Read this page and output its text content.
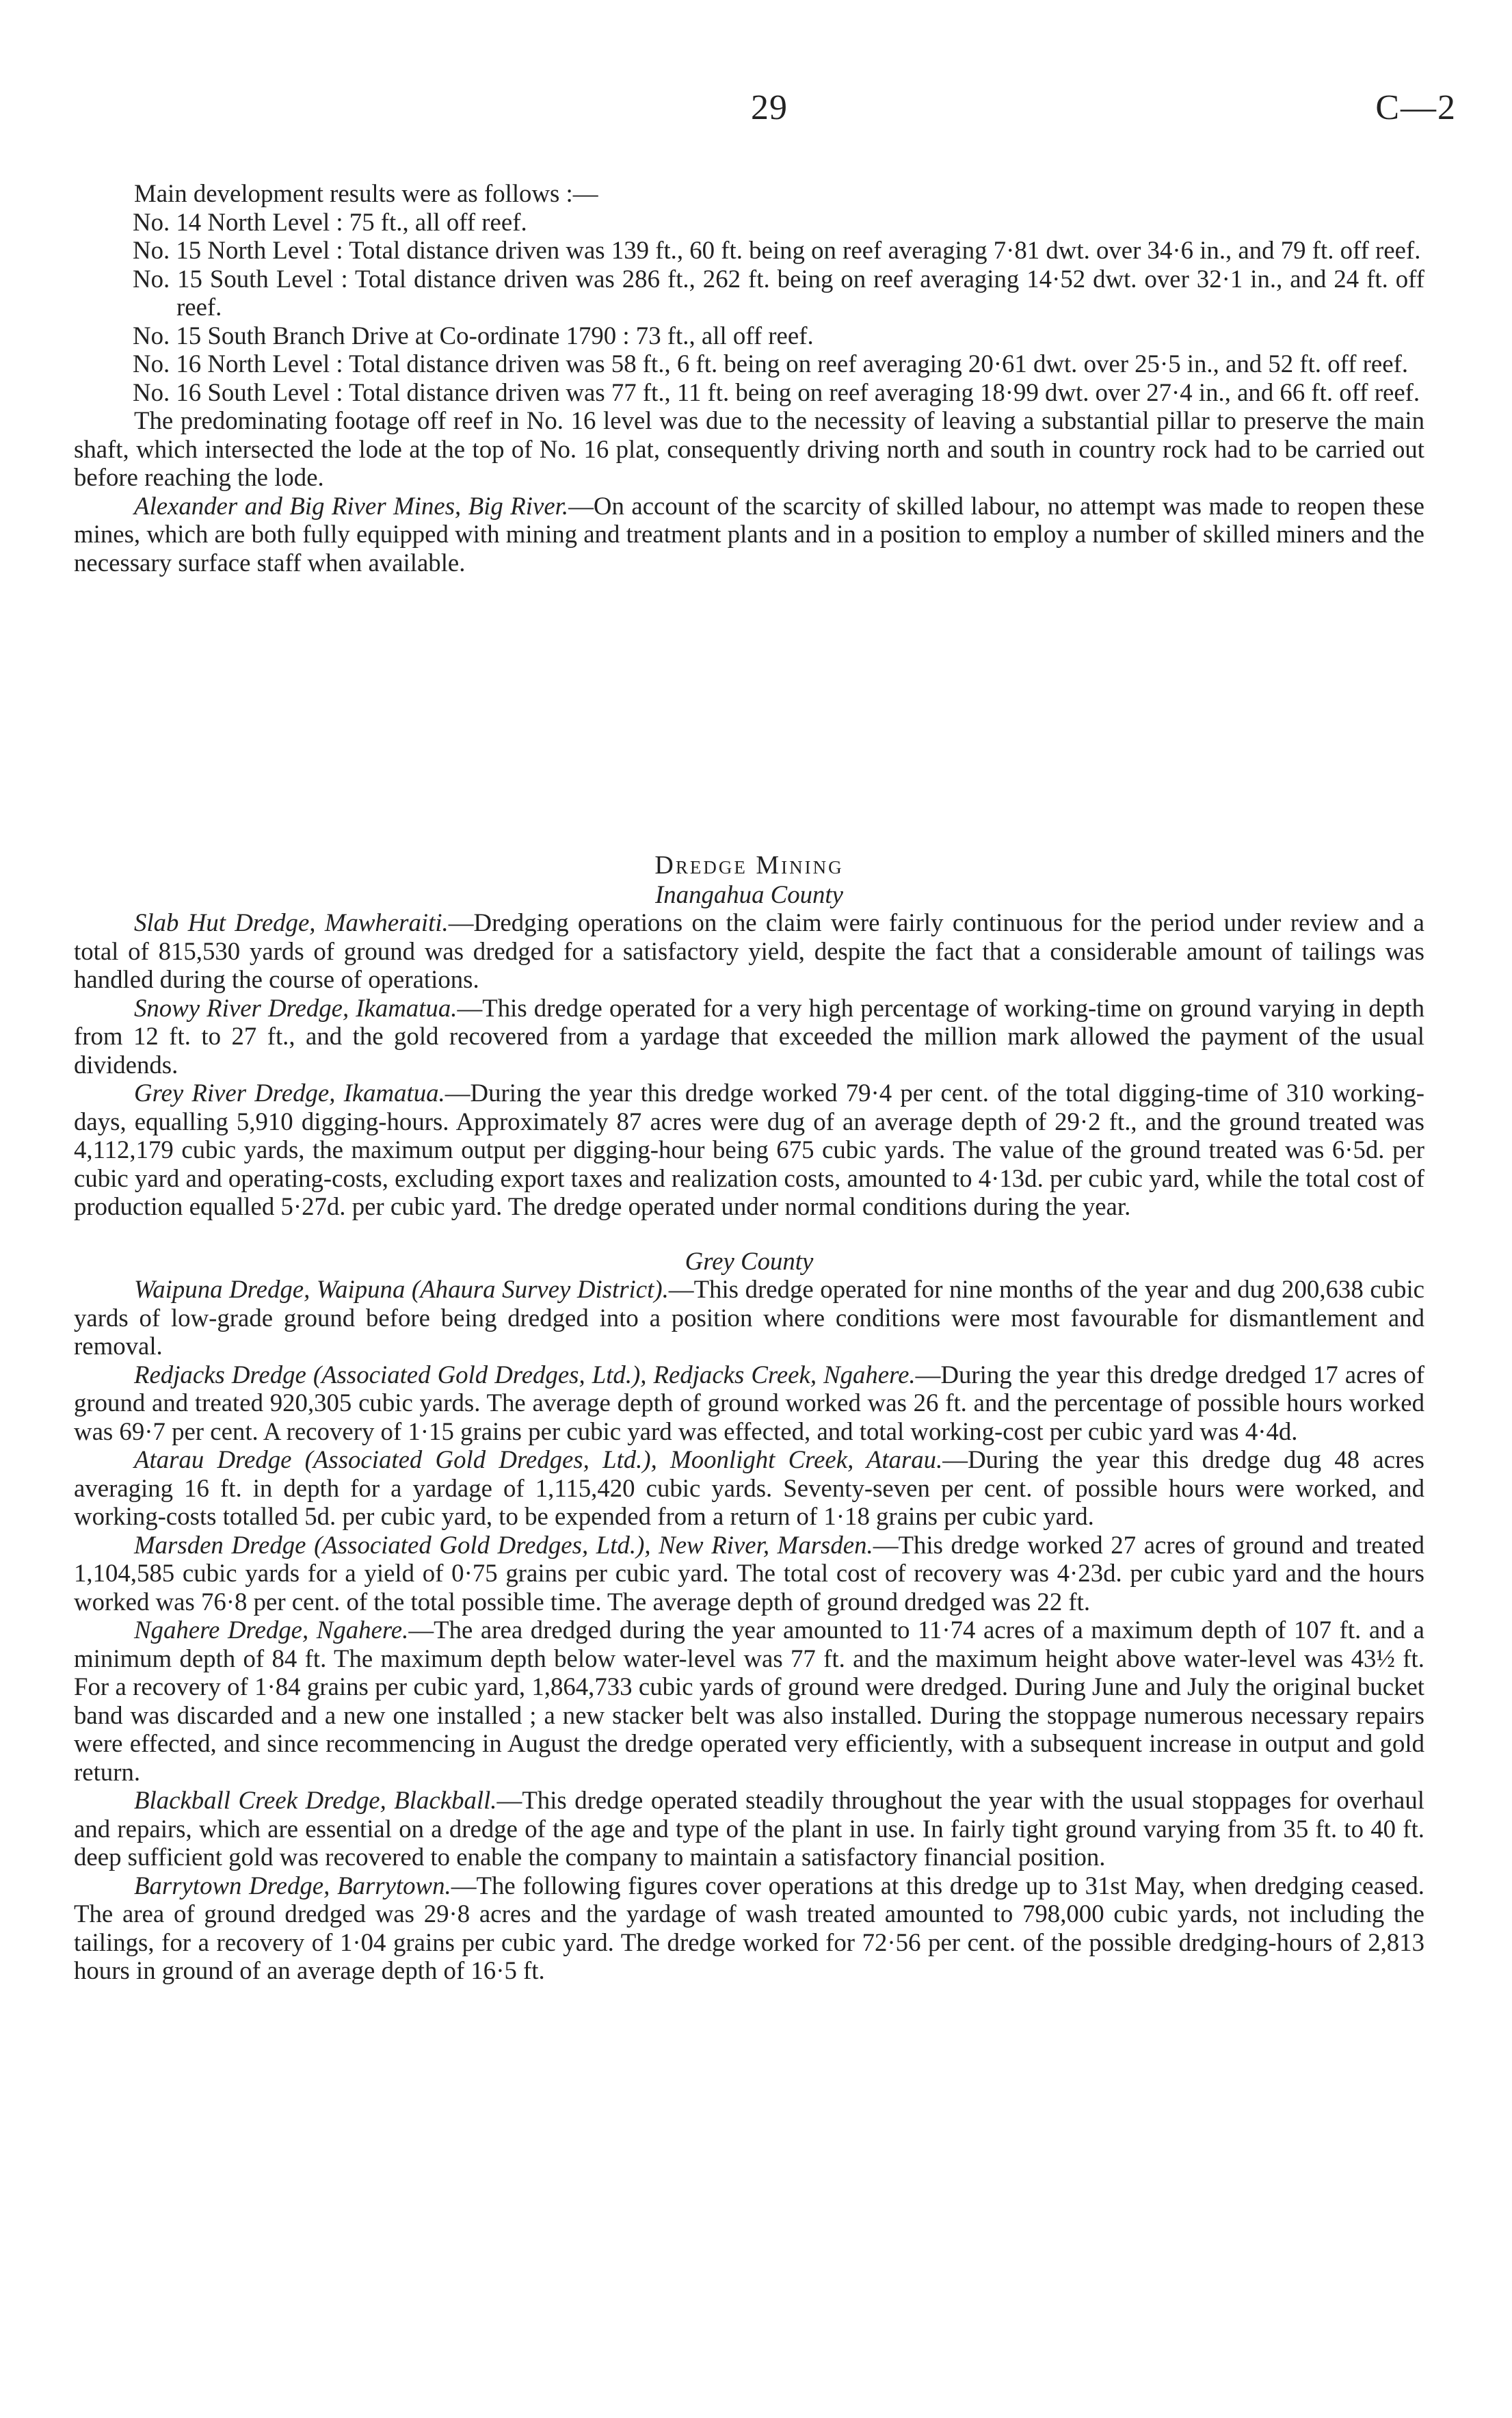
29	C—2

Main development results were as follows :—

No. 14 North Level : 75 ft., all off reef.

No. 15 North Level : Total distance driven was 139 ft., 60 ft. being on reef averaging 7·81 dwt. over 34·6 in., and 79 ft. off reef.

No. 15 South Level : Total distance driven was 286 ft., 262 ft. being on reef averaging 14·52 dwt. over 32·1 in., and 24 ft. off reef.

No. 15 South Branch Drive at Co-ordinate 1790 : 73 ft., all off reef.

No. 16 North Level : Total distance driven was 58 ft., 6 ft. being on reef averaging 20·61 dwt. over 25·5 in., and 52 ft. off reef.

No. 16 South Level : Total distance driven was 77 ft., 11 ft. being on reef averaging 18·99 dwt. over 27·4 in., and 66 ft. off reef.

The predominating footage off reef in No. 16 level was due to the necessity of leaving a substantial pillar to preserve the main shaft, which intersected the lode at the top of No. 16 plat, consequently driving north and south in country rock had to be carried out before reaching the lode.

Alexander and Big River Mines, Big River.—On account of the scarcity of skilled labour, no attempt was made to reopen these mines, which are both fully equipped with mining and treatment plants and in a position to employ a number of skilled miners and the necessary surface staff when available.

Dredge Mining

Inangahua County

Slab Hut Dredge, Mawheraiti.—Dredging operations on the claim were fairly continuous for the period under review and a total of 815,530 yards of ground was dredged for a satisfactory yield, despite the fact that a considerable amount of tailings was handled during the course of operations.

Snowy River Dredge, Ikamatua.—This dredge operated for a very high percentage of working-time on ground varying in depth from 12 ft. to 27 ft., and the gold recovered from a yardage that exceeded the million mark allowed the payment of the usual dividends.

Grey River Dredge, Ikamatua.—During the year this dredge worked 79·4 per cent. of the total digging-time of 310 working-days, equalling 5,910 digging-hours. Approximately 87 acres were dug of an average depth of 29·2 ft., and the ground treated was 4,112,179 cubic yards, the maximum output per digging-hour being 675 cubic yards. The value of the ground treated was 6·5d. per cubic yard and operating-costs, excluding export taxes and realization costs, amounted to 4·13d. per cubic yard, while the total cost of production equalled 5·27d. per cubic yard. The dredge operated under normal conditions during the year.

Grey County

Waipuna Dredge, Waipuna (Ahaura Survey District).—This dredge operated for nine months of the year and dug 200,638 cubic yards of low-grade ground before being dredged into a position where conditions were most favourable for dismantlement and removal.

Redjacks Dredge (Associated Gold Dredges, Ltd.), Redjacks Creek, Ngahere.—During the year this dredge dredged 17 acres of ground and treated 920,305 cubic yards. The average depth of ground worked was 26 ft. and the percentage of possible hours worked was 69·7 per cent. A recovery of 1·15 grains per cubic yard was effected, and total working-cost per cubic yard was 4·4d.

Atarau Dredge (Associated Gold Dredges, Ltd.), Moonlight Creek, Atarau.—During the year this dredge dug 48 acres averaging 16 ft. in depth for a yardage of 1,115,420 cubic yards. Seventy-seven per cent. of possible hours were worked, and working-costs totalled 5d. per cubic yard, to be expended from a return of 1·18 grains per cubic yard.

Marsden Dredge (Associated Gold Dredges, Ltd.), New River, Marsden.—This dredge worked 27 acres of ground and treated 1,104,585 cubic yards for a yield of 0·75 grains per cubic yard. The total cost of recovery was 4·23d. per cubic yard and the hours worked was 76·8 per cent. of the total possible time. The average depth of ground dredged was 22 ft.

Ngahere Dredge, Ngahere.—The area dredged during the year amounted to 11·74 acres of a maximum depth of 107 ft. and a minimum depth of 84 ft. The maximum depth below water-level was 77 ft. and the maximum height above water-level was 43½ ft. For a recovery of 1·84 grains per cubic yard, 1,864,733 cubic yards of ground were dredged. During June and July the original bucket band was discarded and a new one installed ; a new stacker belt was also installed. During the stoppage numerous necessary repairs were effected, and since recommencing in August the dredge operated very efficiently, with a subsequent increase in output and gold return.

Blackball Creek Dredge, Blackball.—This dredge operated steadily throughout the year with the usual stoppages for overhaul and repairs, which are essential on a dredge of the age and type of the plant in use. In fairly tight ground varying from 35 ft. to 40 ft. deep sufficient gold was recovered to enable the company to maintain a satisfactory financial position.

Barrytown Dredge, Barrytown.—The following figures cover operations at this dredge up to 31st May, when dredging ceased. The area of ground dredged was 29·8 acres and the yardage of wash treated amounted to 798,000 cubic yards, not including the tailings, for a recovery of 1·04 grains per cubic yard. The dredge worked for 72·56 per cent. of the possible dredging-hours of 2,813 hours in ground of an average depth of 16·5 ft.
